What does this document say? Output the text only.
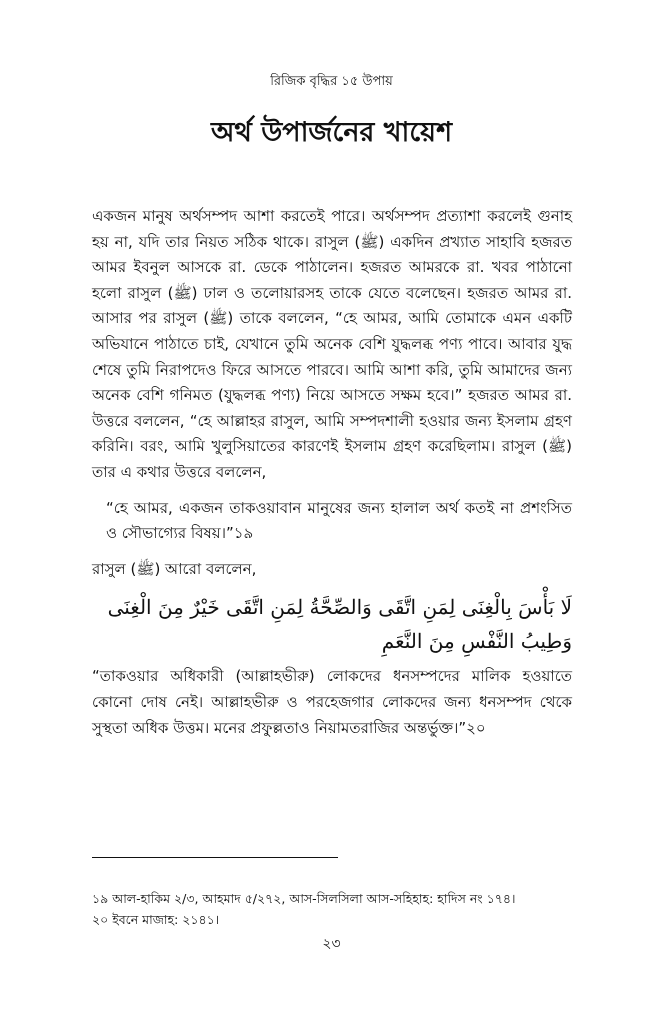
রিজিক বৃদ্ধির ১৫ উপায়
অর্থ উপার্জনের খায়েশ

একজন মানুষ অর্থসম্পদ আশা করতেই পারে। অর্থসম্পদ প্রত্যাশা করলেই গুনাহ হয় না, যদি তার নিয়ত সঠিক থাকে। রাসুল (ﷺ) একদিন প্রখ্যাত সাহাবি হজরত আমর ইবনুল আসকে রা. ডেকে পাঠালেন। হজরত আমরকে রা. খবর পাঠানো হলো রাসুল (ﷺ) ঢাল ও তলোয়ারসহ তাকে যেতে বলেছেন। হজরত আমর রা. আসার পর রাসুল (ﷺ) তাকে বললেন, “হে আমর, আমি তোমাকে এমন একটি অভিযানে পাঠাতে চাই, যেখানে তুমি অনেক বেশি যুদ্ধলব্ধ পণ্য পাবে। আবার যুদ্ধ শেষে তুমি নিরাপদেও ফিরে আসতে পারবে। আমি আশা করি, তুমি আমাদের জন্য অনেক বেশি গনিমত (যুদ্ধলব্ধ পণ্য) নিয়ে আসতে সক্ষম হবে।” হজরত আমর রা. উত্তরে বললেন, “হে আল্লাহর রাসুল, আমি সম্পদশালী হওয়ার জন্য ইসলাম গ্রহণ করিনি। বরং, আমি খুলুসিয়াতের কারণেই ইসলাম গ্রহণ করেছিলাম। রাসুল (ﷺ) তার এ কথার উত্তরে বললেন,

“হে আমর, একজন তাকওয়াবান মানুষের জন্য হালাল অর্থ কতই না প্রশংসিত ও সৌভাগ্যের বিষয়।”১৯

রাসুল (ﷺ) আরো বললেন,

لَا بَأْسَ بِالْغِنَى لِمَنِ اتَّقَى وَالصِّحَّةُ لِمَنِ اتَّقَى خَيْرٌ مِنَ الْغِنَى وَطِيبُ النَّفْسِ مِنَ النَّعَمِ

“তাকওয়ার অধিকারী (আল্লাহভীরু) লোকদের ধনসম্পদের মালিক হওয়াতে কোনো দোষ নেই। আল্লাহভীরু ও পরহেজগার লোকদের জন্য ধনসম্পদ থেকে সুস্থতা অধিক উত্তম। মনের প্রফুল্লতাও নিয়ামতরাজির অন্তর্ভুক্ত।”২০

১৯ আল-হাকিম ২/৩, আহমাদ ৫/২৭২, আস-সিলসিলা আস-সহিহাহ: হাদিস নং ১৭৪।

২০ ইবনে মাজাহ: ২১৪১।

২৩
